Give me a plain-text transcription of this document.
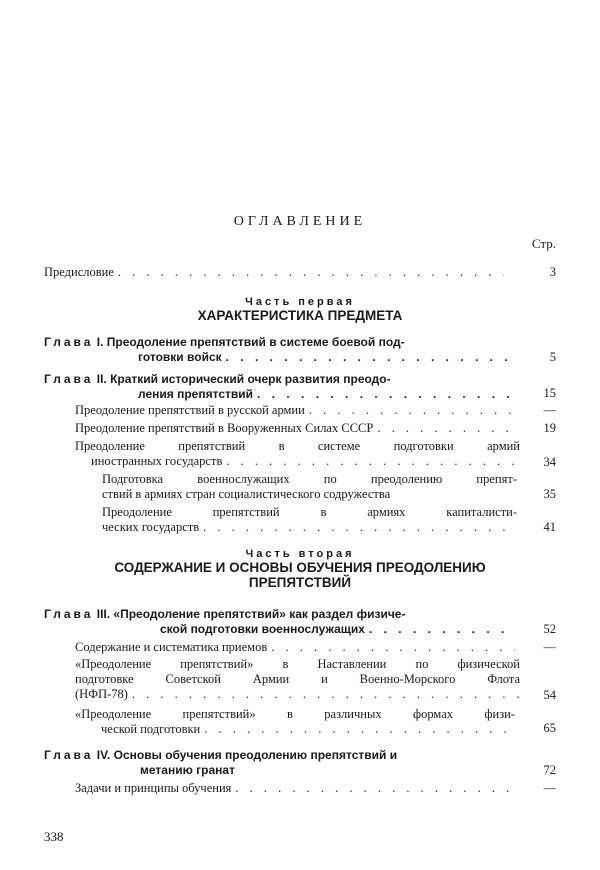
ОГЛАВЛЕНИЕ
Стр.
Предисловие . . .	3
Часть первая
ХАРАКТЕРИСТИКА ПРЕДМЕТА
Глава I. Преодоление препятствий в системе боевой под-
готовки войск . . .	5
Глава II. Краткий исторический очерк развития преодо-
ления препятствий . . .	15
Преодоление препятствий в русской армии . . .	—
Преодоление препятствий в Вооруженных Силах СССР . . .	19
Преодоление препятствий в системе подготовки армий
иностранных государств . . .	34
Подготовка военнослужащих по преодолению препят-
ствий в армиях стран социалистического содружества	35
Преодоление препятствий в армиях капиталисти-
ческих государств . . .	41
Часть вторая
СОДЕРЖАНИЕ И ОСНОВЫ ОБУЧЕНИЯ ПРЕОДОЛЕНИЮ
ПРЕПЯТСТВИЙ
Глава III. «Преодоление препятствий» как раздел физиче-
ской подготовки военнослужащих . . .	52
Содержание и систематика приемов . . .	—
«Преодоление препятствий» в Наставлении по физической
подготовке Советской Армии и Военно-Морского Флота
(НФП-78) . . .	54
«Преодоление препятствий» в различных формах физи-
ческой подготовки . . .	65
Глава IV. Основы обучения преодолению препятствий и
метанию гранат	72
Задачи и принципы обучения . . .	—
338
